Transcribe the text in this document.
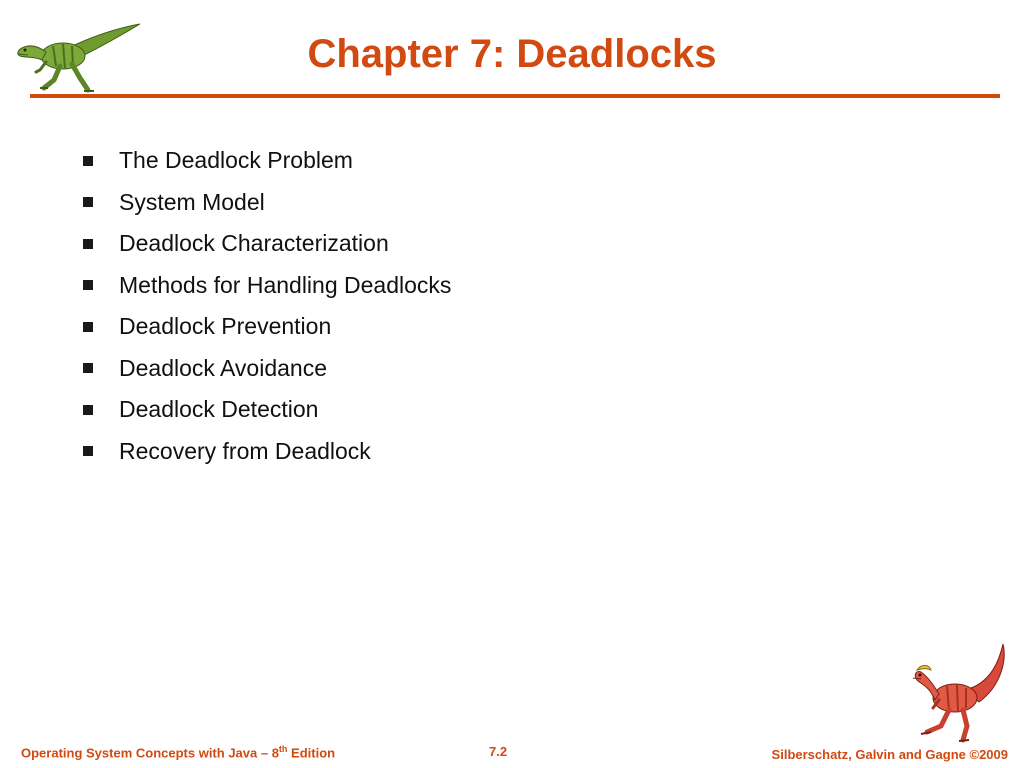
Chapter 7: Deadlocks
The Deadlock Problem
System Model
Deadlock Characterization
Methods for Handling Deadlocks
Deadlock Prevention
Deadlock Avoidance
Deadlock Detection
Recovery from Deadlock
Operating System Concepts with Java – 8th Edition	7.2	Silberschatz, Galvin and Gagne ©2009
